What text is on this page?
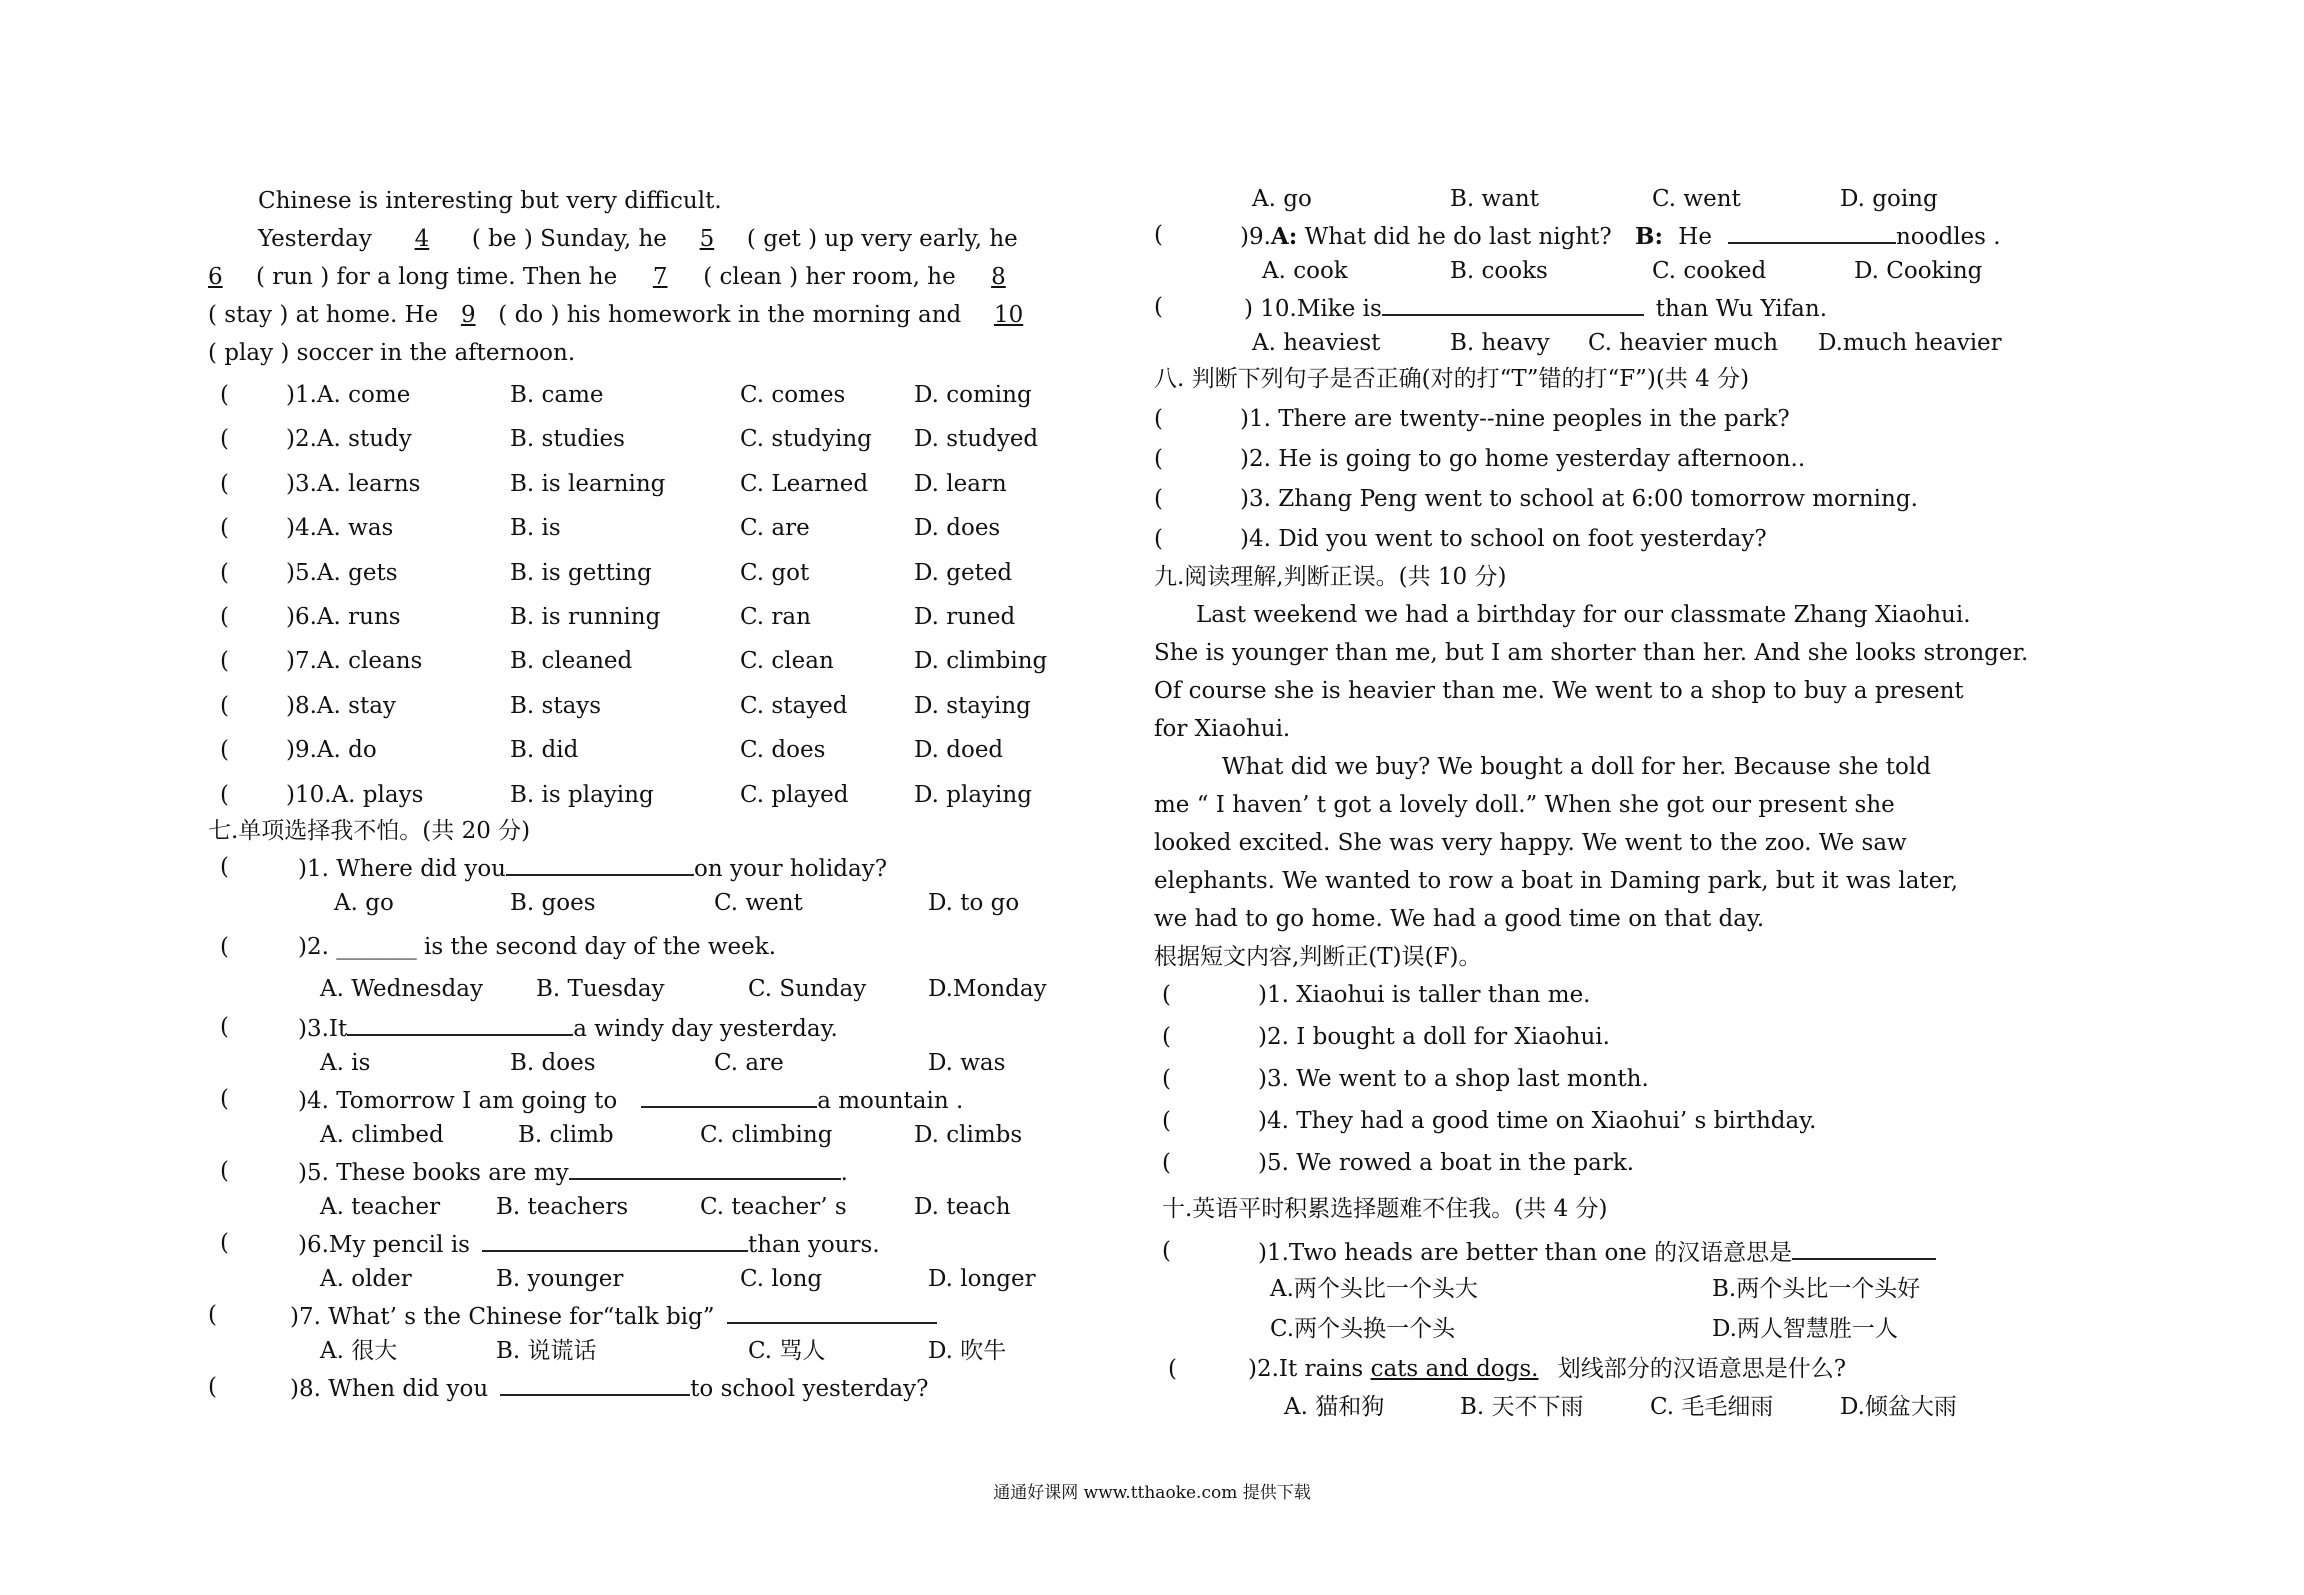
Chinese is interesting but very difficult.
Yesterday 4 ( be ) Sunday, he 5 ( get ) up very early, he
6 ( run ) for a long time. Then he 7 ( clean ) her room, he 8
( stay ) at home. He 9 ( do ) his homework in the morning and 10
( play ) soccer in the afternoon.
( )1.A. come	B. came	C. comes	D. coming
( )2.A. study	B. studies	C. studying D. studyed
( )3.A. learns	B. is learning	C. Learned D. learn
( )4.A. was	B. is	C. are	D. does
( )5.A. gets	B. is getting	C. got	D. geted
( )6.A. runs	B. is running	C. ran	D. runed
( )7.A. cleans	B. cleaned	C. clean	D. climbing
( )8.A. stay	B. stays	C. stayed	D. staying
( )9.A. do	B. did	C. does	D. doed
( )10.A. plays	B. is playing	C. played	D. playing
七.单项选择我不怕。(共 20 分)
(	)1. Where did you	on your holiday?
A. go	B. goes	C. went	D. to go
(	)2. _______ is the second day of the week.
A. Wednesday B. Tuesday	C. Sunday	D.Monday
(	)3.It	a windy day yesterday.
A. is	B. does	C. are	D. was
(	)4. Tomorrow I am going to	a mountain .
A. climbed	B. climb	C. climbing	D. climbs
(	)5. These books are my	.
A. teacher B. teachers	C. teacher’ s	D. teach
(	)6.My pencil is	than yours.
A. older	B. younger	C. long	D. longer
(	)7. What’ s the Chinese for“talk big”
A. 很大	B. 说谎话	C. 骂人	D. 吹牛
(	)8. When did you	to school yesterday?
A. go	B. want	C. went	D. going
(	)9.A: What did he do last night? B: He	noodles .
A. cook	B. cooks	C. cooked	D. Cooking
(	) 10.Mike is	than Wu Yifan.
A. heaviest	B. heavy C. heavier much D.much heavier
八. 判断下列句子是否正确(对的打“T”错的打“F”)(共 4 分)
(	)1. There are twenty--nine peoples in the park?
(	)2. He is going to go home yesterday afternoon..
(	)3. Zhang Peng went to school at 6:00 tomorrow morning.
(	)4. Did you went to school on foot yesterday?
九.阅读理解,判断正误。(共 10 分)
Last weekend we had a birthday for our classmate Zhang Xiaohui.
She is younger than me, but I am shorter than her. And she looks stronger.
Of course she is heavier than me. We went to a shop to buy a present
for Xiaohui.
What did we buy? We bought a doll for her. Because she told
me “ I haven’ t got a lovely doll.” When she got our present she
looked excited. She was very happy. We went to the zoo. We saw
elephants. We wanted to row a boat in Daming park, but it was later,
we had to go home. We had a good time on that day.
根据短文内容,判断正(T)误(F)。
(	)1. Xiaohui is taller than me.
(	)2. I bought a doll for Xiaohui.
(	)3. We went to a shop last month.
(	)4. They had a good time on Xiaohui’ s birthday.
(	)5. We rowed a boat in the park.
十.英语平时积累选择题难不住我。(共 4 分)
(	)1.Two heads are better than one 的汉语意思是
A.两个头比一个头大	B.两个头比一个头好
C.两个头换一个头	D.两人智慧胜一人
(	)2.It rains cats and dogs. 划线部分的汉语意思是什么?
A. 猫和狗	B. 天不下雨	C. 毛毛细雨	D.倾盆大雨
通通好课网 www.tthaoke.com 提供下载
